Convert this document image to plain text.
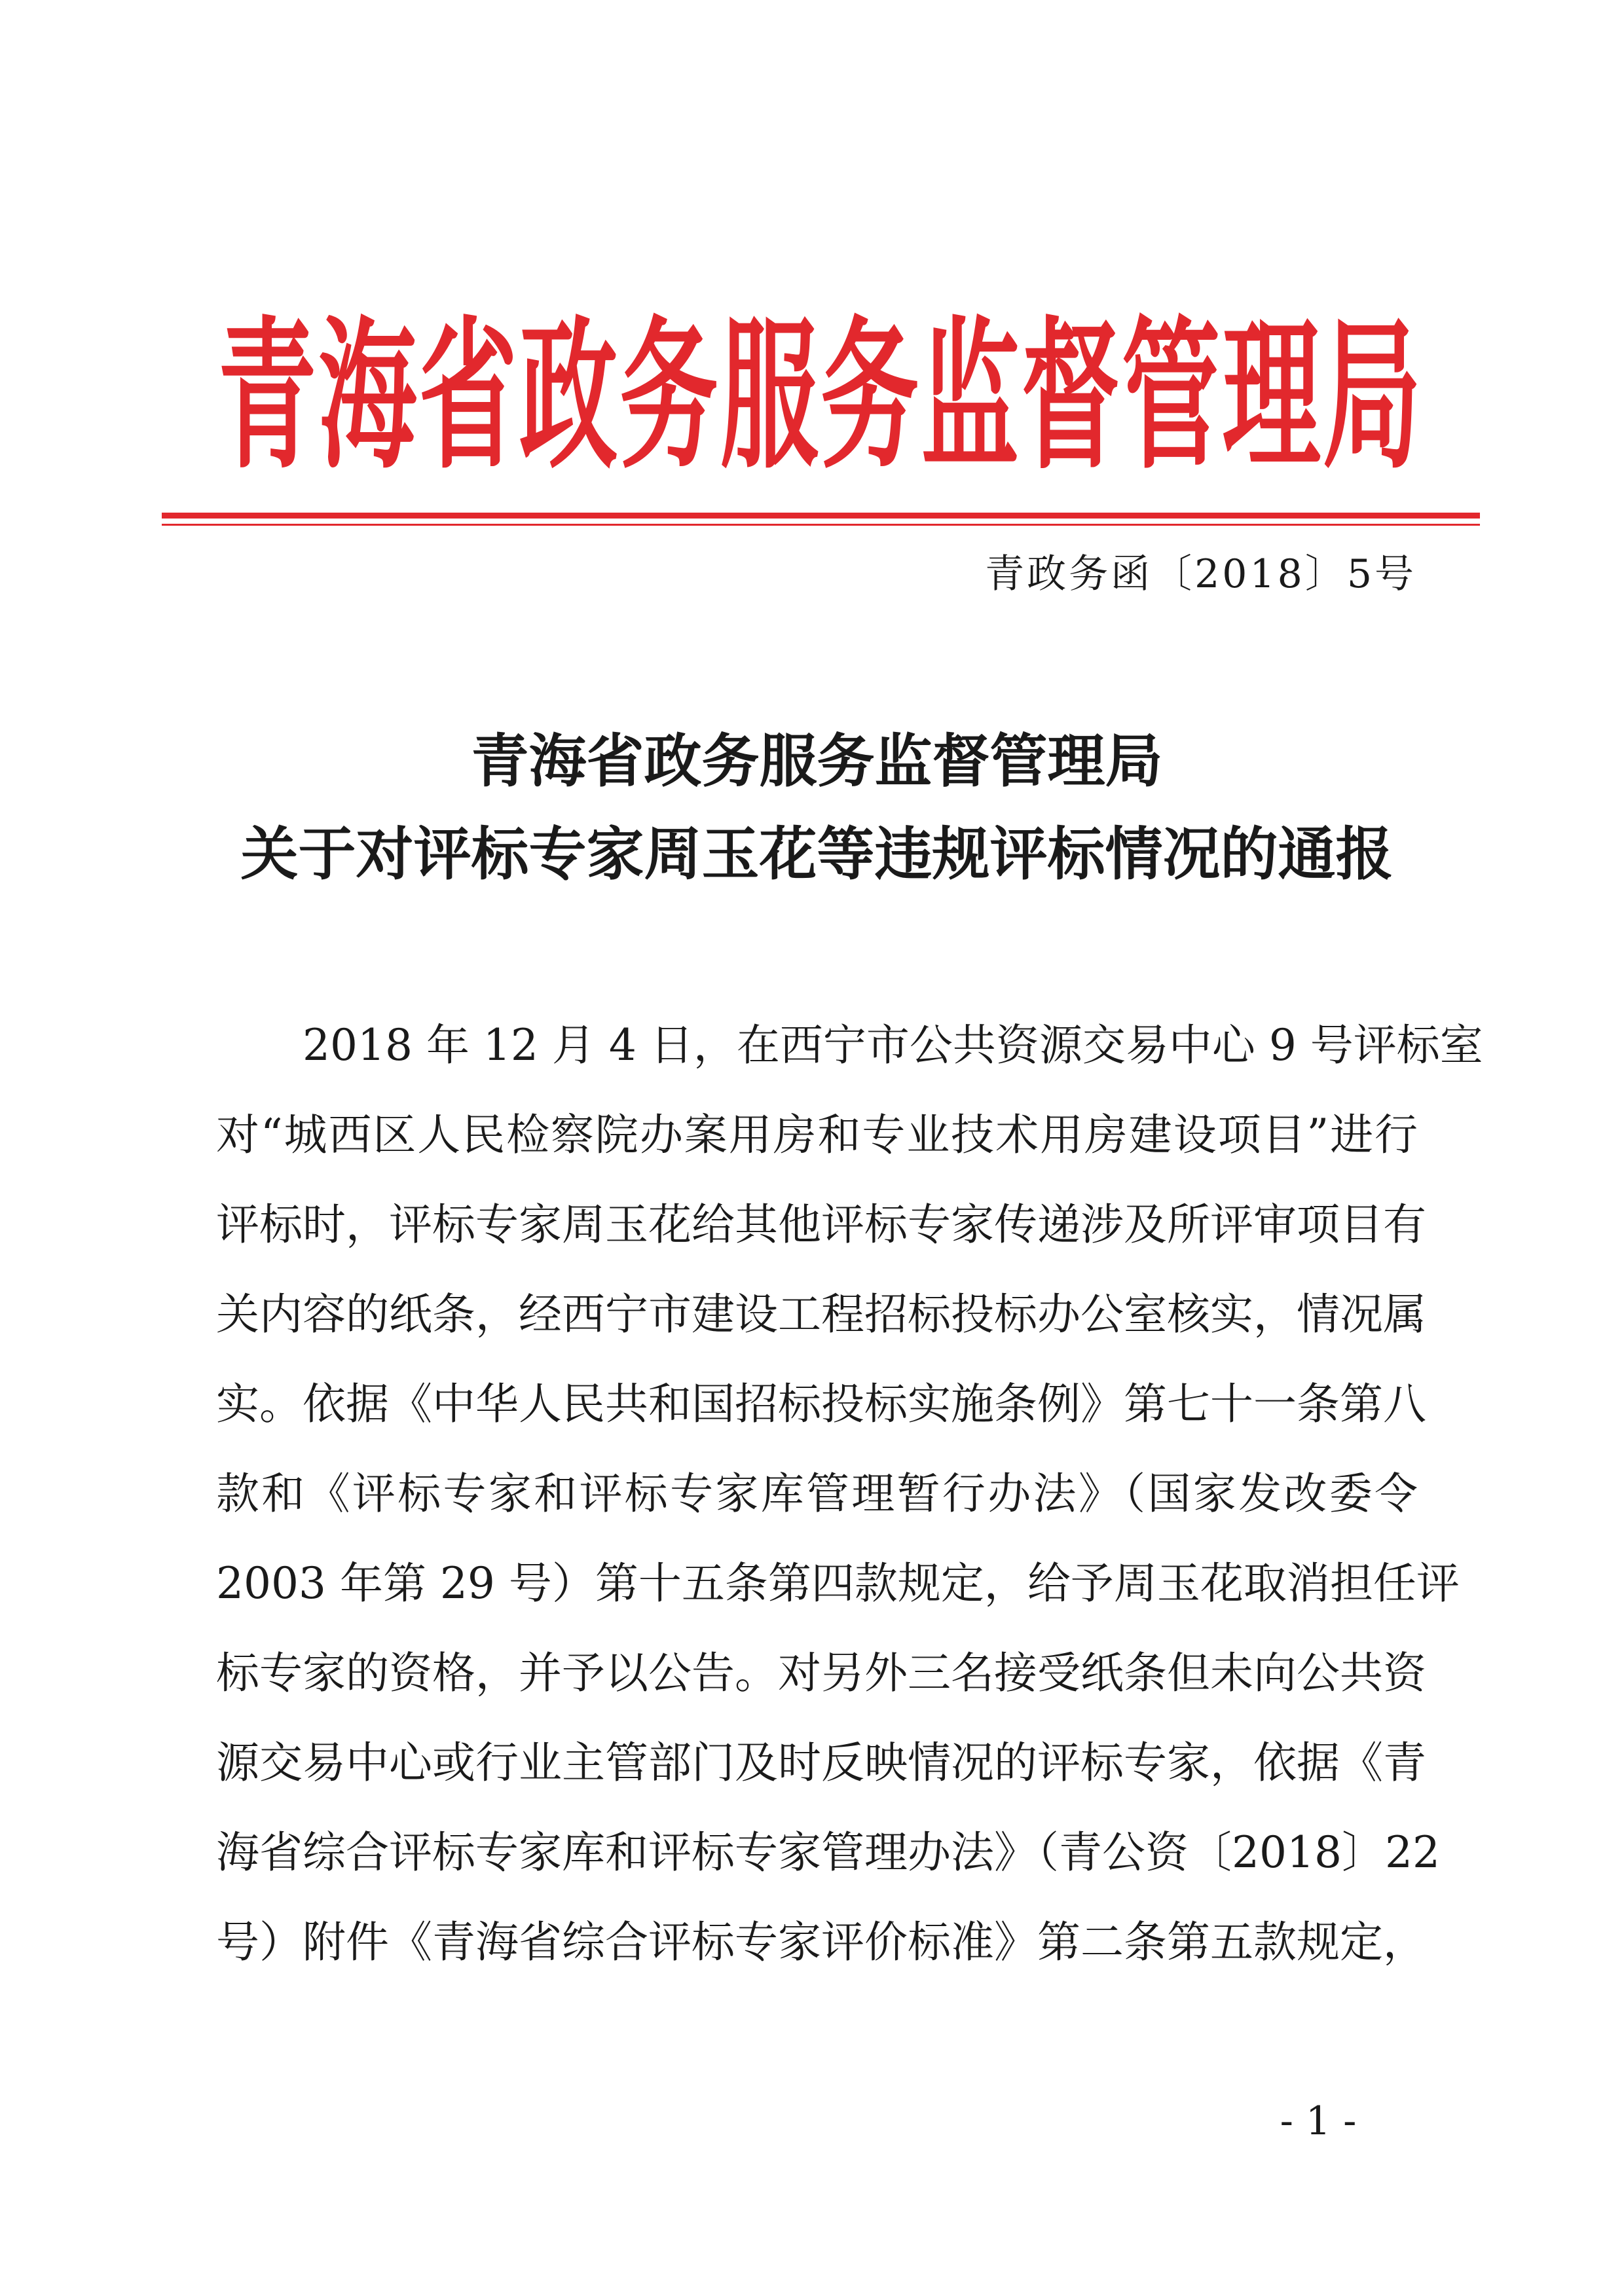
青 海 省 政 务 服 务 监 督 管 理 局
青政务函〔2018〕5号
青海省政务服务监督管理局
关于对评标专家周玉花等违规评标情况的通报
2018 年 12 月 4 日，在西宁市公共资源交易中心 9 号评标室
对“城西区人民检察院办案用房和专业技术用房建设项目”进行
评标时，评标专家周玉花给其他评标专家传递涉及所评审项目有
关内容的纸条，经西宁市建设工程招标投标办公室核实，情况属
实。依据《中华人民共和国招标投标实施条例》第七十一条第八
款和《评标专家和评标专家库管理暂行办法》（国家发改委令
2003 年第 29 号）第十五条第四款规定，给予周玉花取消担任评
标专家的资格，并予以公告。对另外三名接受纸条但未向公共资
源交易中心或行业主管部门及时反映情况的评标专家，依据《青
海省综合评标专家库和评标专家管理办法》（青公资〔2018〕22
号）附件《青海省综合评标专家评价标准》第二条第五款规定，
- 1 -
